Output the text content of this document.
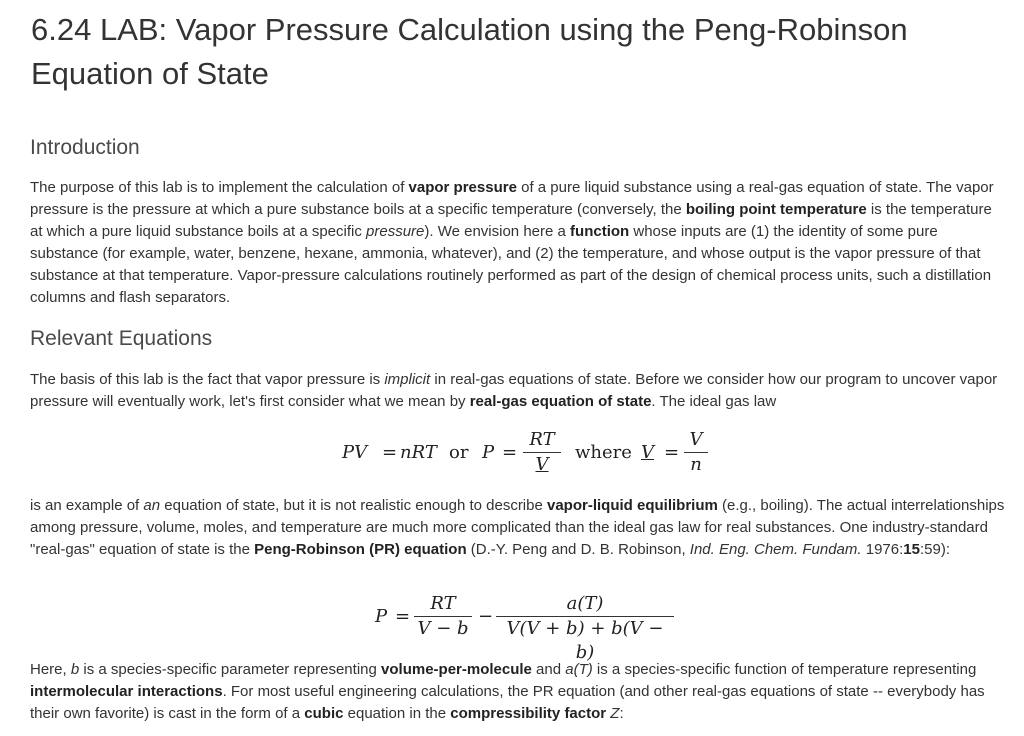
6.24 LAB: Vapor Pressure Calculation using the Peng-Robinson Equation of State
Introduction

The purpose of this lab is to implement the calculation of vapor pressure of a pure liquid substance using a real-gas equation of state. The vapor pressure is the pressure at which a pure substance boils at a specific temperature (conversely, the boiling point temperature is the temperature at which a pure liquid substance boils at a specific pressure). We envision here a function whose inputs are (1) the identity of some pure substance (for example, water, benzene, hexane, ammonia, whatever), and (2) the temperature, and whose output is the vapor pressure of that substance at that temperature. Vapor-pressure calculations routinely performed as part of the design of chemical process units, such a distillation columns and flash separators.

Relevant Equations

The basis of this lab is the fact that vapor pressure is implicit in real-gas equations of state. Before we consider how our program to uncover vapor pressure will eventually work, let's first consider what we mean by real-gas equation of state. The ideal gas law

PV = nRT or $P = \frac{RT}{V}$ where $V = \frac{V}{n}$

is an example of an equation of state, but it is not realistic enough to describe vapor-liquid equilibrium (e.g., boiling). The actual interrelationships among pressure, volume, moles, and temperature are much more complicated than the ideal gas law for real substances. One industry-standard "real-gas" equation of state is the Peng-Robinson (PR) equation (D.-Y. Peng and D. B. Robinson, Ind. Eng. Chem. Fundam. 1976:15:59):

$P = \frac{RT}{V - b} - \frac{a(T)}{V(V + b) + b(V - b)}$

Here, b is a species-specific parameter representing volume-per-molecule and a(T) is a species-specific function of temperature representing intermolecular interactions. For most useful engineering calculations, the PR equation (and other real-gas equations of state -- everybody has their own favorite) is cast in the form of a cubic equation in the compressibility factor Z:
